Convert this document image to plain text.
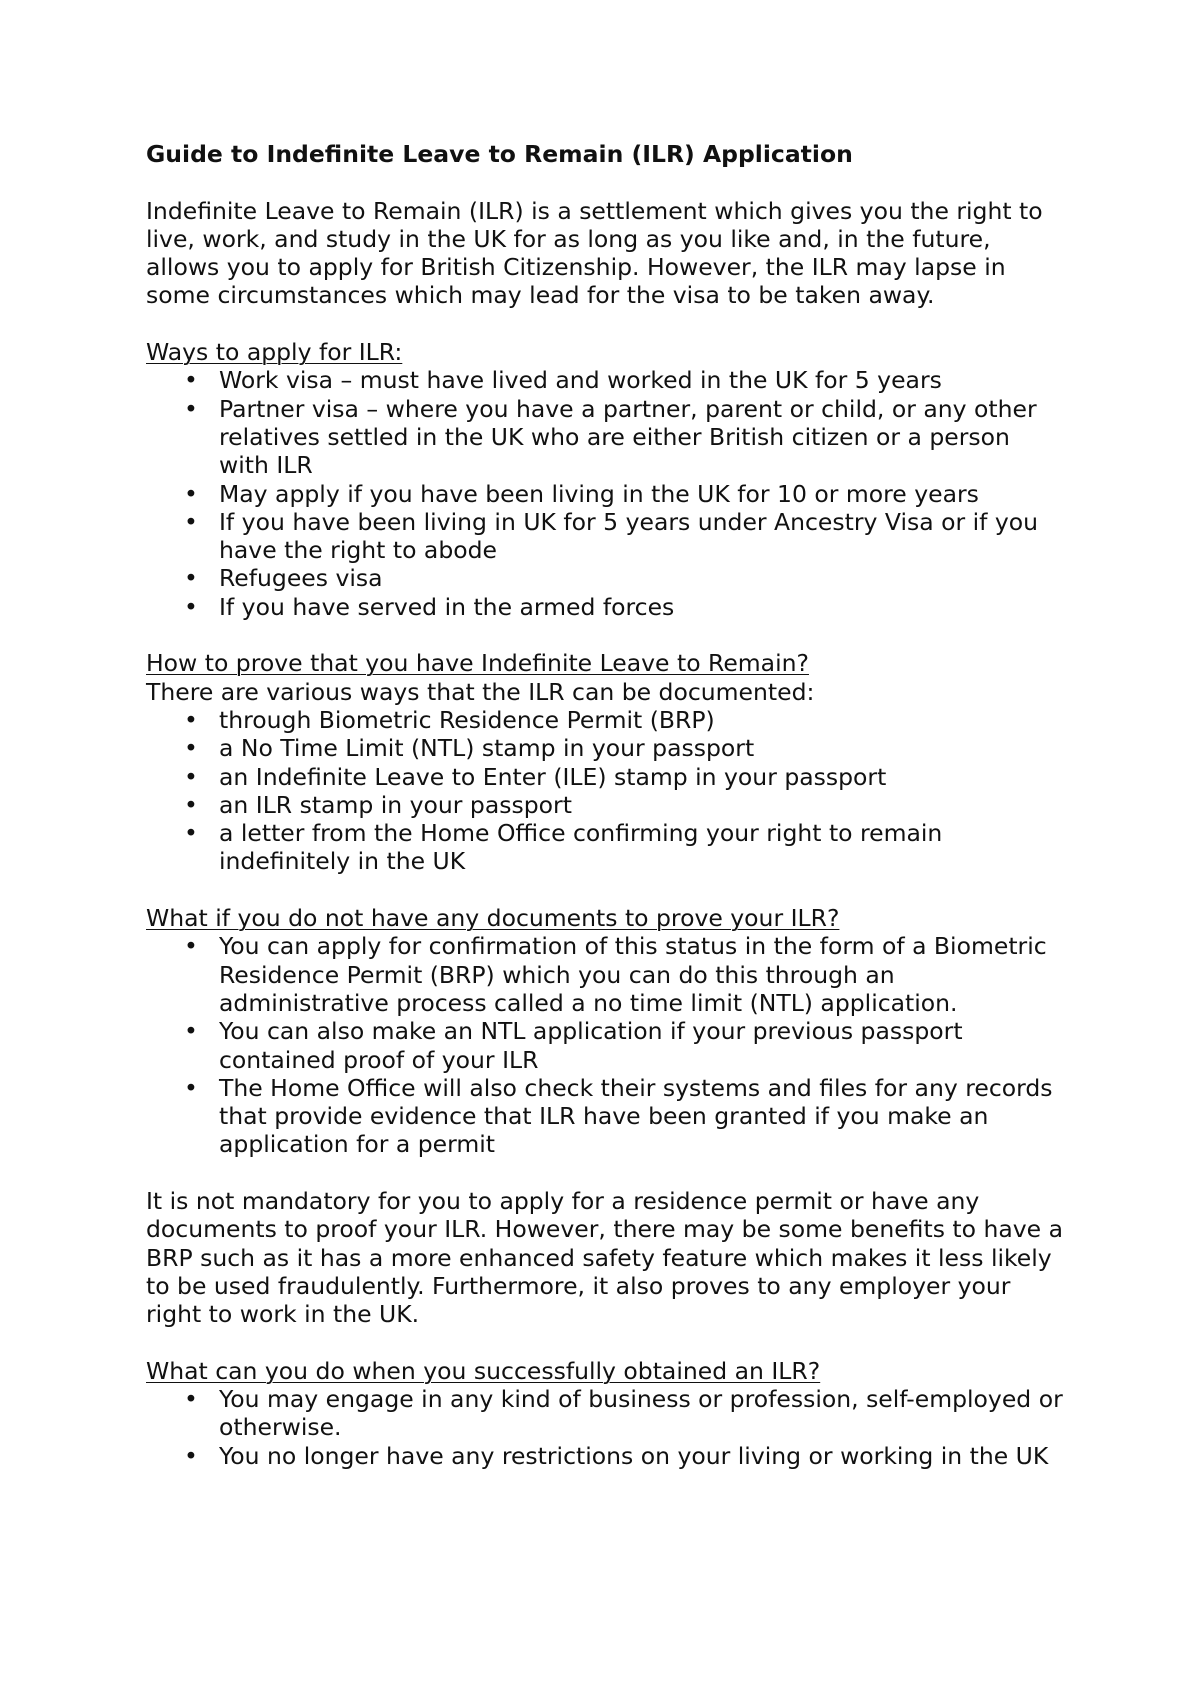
Guide to Indefinite Leave to Remain (ILR) Application

Indefinite Leave to Remain (ILR) is a settlement which gives you the right to live, work, and study in the UK for as long as you like and, in the future, allows you to apply for British Citizenship. However, the ILR may lapse in some circumstances which may lead for the visa to be taken away.

Ways to apply for ILR:

• Work visa – must have lived and worked in the UK for 5 years
• Partner visa – where you have a partner, parent or child, or any other relatives settled in the UK who are either British citizen or a person with ILR
• May apply if you have been living in the UK for 10 or more years
• If you have been living in UK for 5 years under Ancestry Visa or if you have the right to abode
• Refugees visa
• If you have served in the armed forces

How to prove that you have Indefinite Leave to Remain?

There are various ways that the ILR can be documented:

• through Biometric Residence Permit (BRP)
• a No Time Limit (NTL) stamp in your passport
• an Indefinite Leave to Enter (ILE) stamp in your passport
• an ILR stamp in your passport
• a letter from the Home Office confirming your right to remain indefinitely in the UK

What if you do not have any documents to prove your ILR?

• You can apply for confirmation of this status in the form of a Biometric Residence Permit (BRP) which you can do this through an administrative process called a no time limit (NTL) application.
• You can also make an NTL application if your previous passport contained proof of your ILR
• The Home Office will also check their systems and files for any records that provide evidence that ILR have been granted if you make an application for a permit

It is not mandatory for you to apply for a residence permit or have any documents to proof your ILR. However, there may be some benefits to have a BRP such as it has a more enhanced safety feature which makes it less likely to be used fraudulently. Furthermore, it also proves to any employer your right to work in the UK.

What can you do when you successfully obtained an ILR?

• You may engage in any kind of business or profession, self-employed or otherwise.
• You no longer have any restrictions on your living or working in the UK
